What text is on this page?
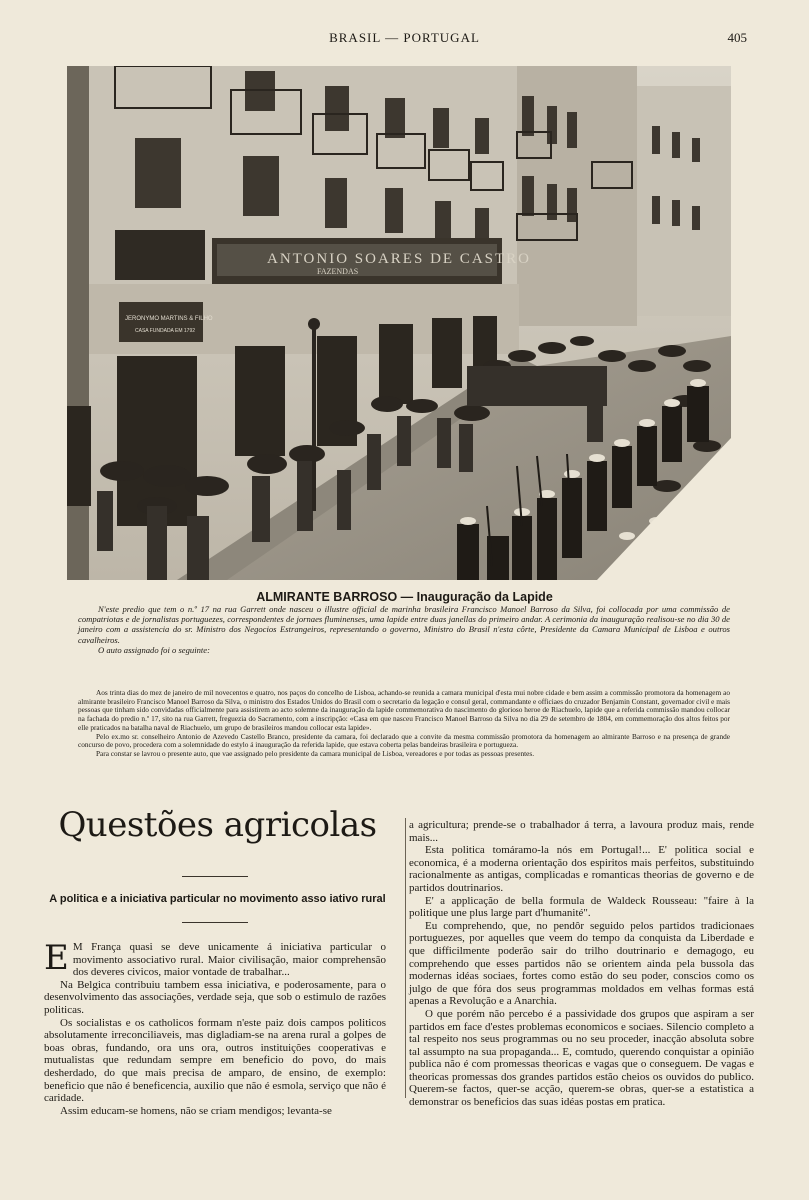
BRASIL — PORTUGAL	405
ANTONIO SOARES DE CASTRO
FAZENDAS
JERONYMO MARTINS & FILHO
CASA FUNDADA EM 1792
ALMIRANTE BARROSO — Inauguração da Lapide

N'este predio que tem o n.º 17 na rua Garrett onde nasceu o illustre official de marinha brasileira Francisco Manoel Barroso da Silva, foi collocada por uma commissão de compatriotas e de jornalistas portuguezes, correspondentes de jornaes fluminenses, uma lapide entre duas janellas do primeiro andar. A cerimonia da inauguração realisou-se no dia 30 de janeiro com a assistencia do sr. Ministro dos Negocios Estrangeiros, representando o governo, Ministro do Brasil n'esta côrte, Presidente da Camara Municipal de Lisboa e outros cavalheiros.

O auto assignado foi o seguinte:

Aos trinta dias do mez de janeiro de mil novecentos e quatro, nos paços do concelho de Lisboa, achando-se reunida a camara municipal d'esta mui nobre cidade e bem assim a commissão promotora da homenagem ao almirante brasileiro Francisco Manoel Barroso da Silva, o ministro dos Estados Unidos do Brasil com o secretario da legação e consul geral, commandante e officiaes do cruzador Benjamin Constant, governador civil e mais pessoas que tinham sido convidadas officialmente para assistirem ao acto solemne da inauguração da lapide commemorativa do nascimento do glorioso heroe de Riachuelo, lapide que a referida commissão mandou collocar na fachada do predio n.º 17, sito na rua Garrett, freguezia do Sacramento, com a inscripção: «Casa em que nasceu Francisco Manoel Barroso da Silva no dia 29 de setembro de 1804, em commemoração dos altos feitos por elle praticados na batalha naval de Riachuelo, um grupo de brasileiros mandou collocar esta lapide».

Pelo ex.mo sr. conselheiro Antonio de Azevedo Castello Branco, presidente da camara, foi declarado que a convite da mesma commissão promotora da homenagem ao almirante Barroso e na presença de grande concurso de povo, procedera com a solemnidade do estylo á inauguração da referida lapide, que estava coberta pelas bandeiras brasileira e portugueza.

Para constar se lavrou o presente auto, que vae assignado pelo presidente da camara municipal de Lisboa, vereadores e por todas as pessoas presentes.

Questões agricolas
A politica e a iniciativa particular no movimento asso iativo rural

E M França quasi se deve unicamente á iniciativa particular o movimento associativo rural. Maior civilisação, maior comprehensão dos deveres civicos, maior vontade de trabalhar...

Na Belgica contribuiu tambem essa iniciativa, e poderosamente, para o desenvolvimento das associações, verdade seja, que sob o estimulo de razões politicas.

Os socialistas e os catholicos formam n'este paiz dois campos politicos absolutamente irreconciliaveis, mas digladiam-se na arena rural a golpes de boas obras, fundando, ora uns ora, outros instituições cooperativas e mutualistas que redundam sempre em beneficio do povo, do mais desherdado, do que mais precisa de amparo, de ensino, de exemplo: beneficio que não é beneficencia, auxilio que não é esmola, serviço que não é caridade.

Assim educam-se homens, não se criam mendigos; levanta-se

a agricultura; prende-se o trabalhador á terra, a lavoura produz mais, rende mais...

Esta politica tomáramo-la nós em Portugal!... E' politica social e economica, é a moderna orientação dos espiritos mais perfeitos, substituindo racionalmente as antigas, complicadas e romanticas theorias de governo e de partidos doutrinarios.

E' a applicação de bella formula de Waldeck Rousseau: "faire à la politique une plus large part d'humanité".

Eu comprehendo, que, no pendôr seguido pelos partidos tradicionaes portuguezes, por aquelles que veem do tempo da conquista da Liberdade e que difficilmente poderão sair do trilho doutrinario e demagogo, eu comprehendo que esses partidos não se orientem ainda pela bussola das modernas idéas sociaes, fortes como estão do seu poder, conscios como os julgo de que fóra dos seus programmas moldados em velhas formas está apenas a Revolução e a Anarchia.

O que porém não percebo é a passividade dos grupos que aspiram a ser partidos em face d'estes problemas economicos e sociaes. Silencio completo a tal respeito nos seus programmas ou no seu proceder, inacção absoluta sobre tal assumpto na sua propaganda... E, comtudo, querendo conquistar a opinião publica não é com promessas theoricas e vagas que o conseguem. De vagas e theoricas promessas dos grandes partidos estão cheios os ouvidos do publico. Querem-se factos, quer-se acção, querem-se obras, quer-se a estatistica a demonstrar os beneficios das suas idéas postas em pratica.
